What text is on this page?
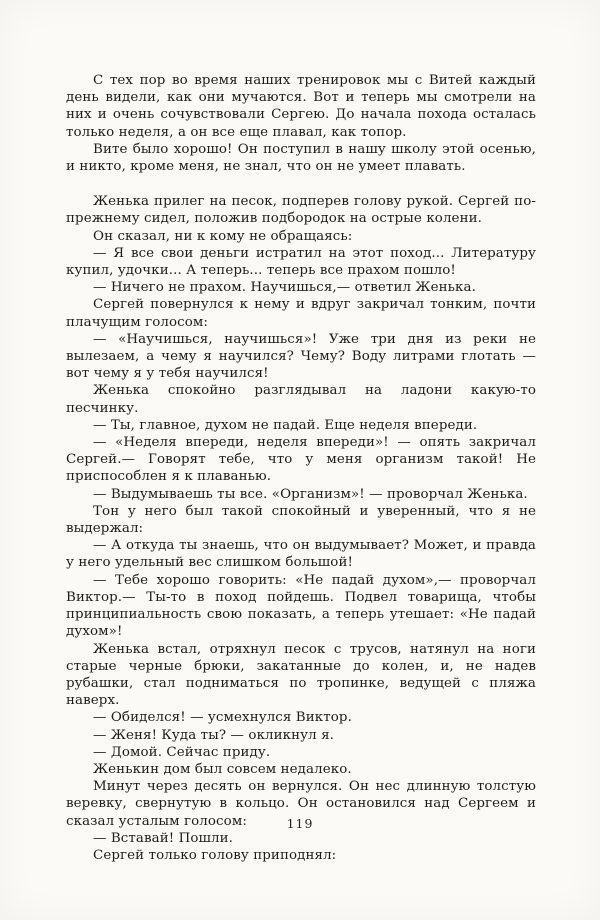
С тех пор во время наших тренировок мы с Витей каждый день видели, как они мучаются. Вот и теперь мы смотрели на них и очень сочувствовали Сергею. До начала похода осталась только неделя, а он все еще плавал, как топор.

Вите было хорошо! Он поступил в нашу школу этой осенью, и никто, кроме меня, не знал, что он не умеет плавать.

Женька прилег на песок, подперев голову рукой. Сергей по-прежнему сидел, положив подбородок на острые колени.

Он сказал, ни к кому не обращаясь:

— Я все свои деньги истратил на этот поход... Литературу купил, удочки... А теперь... теперь все прахом пошло!

— Ничего не прахом. Научишься,— ответил Женька.

Сергей повернулся к нему и вдруг закричал тонким, почти плачущим голосом:

— «Научишься, научишься»! Уже три дня из реки не вылезаем, а чему я научился? Чему? Воду литрами глотать — вот чему я у тебя научился!

Женька спокойно разглядывал на ладони какую-то песчинку.

— Ты, главное, духом не падай. Еще неделя впереди.

— «Неделя впереди, неделя впереди»! — опять закричал Сергей.— Говорят тебе, что у меня организм такой! Не приспособлен я к плаванью.

— Выдумываешь ты все. «Организм»! — проворчал Женька.

Тон у него был такой спокойный и уверенный, что я не выдержал:

— А откуда ты знаешь, что он выдумывает? Может, и правда у него удельный вес слишком большой!

— Тебе хорошо говорить: «Не падай духом»,— проворчал Виктор.— Ты-то в поход пойдешь. Подвел товарища, чтобы принципиальность свою показать, а теперь утешает: «Не падай духом»!

Женька встал, отряхнул песок с трусов, натянул на ноги старые черные брюки, закатанные до колен, и, не надев рубашки, стал подниматься по тропинке, ведущей с пляжа наверх.

— Обиделся! — усмехнулся Виктор.

— Женя! Куда ты? — окликнул я.

— Домой. Сейчас приду.

Женькин дом был совсем недалеко.

Минут через десять он вернулся. Он нес длинную толстую веревку, свернутую в кольцо. Он остановился над Сергеем и сказал усталым голосом:

— Вставай! Пошли.

Сергей только голову приподнял:

119
